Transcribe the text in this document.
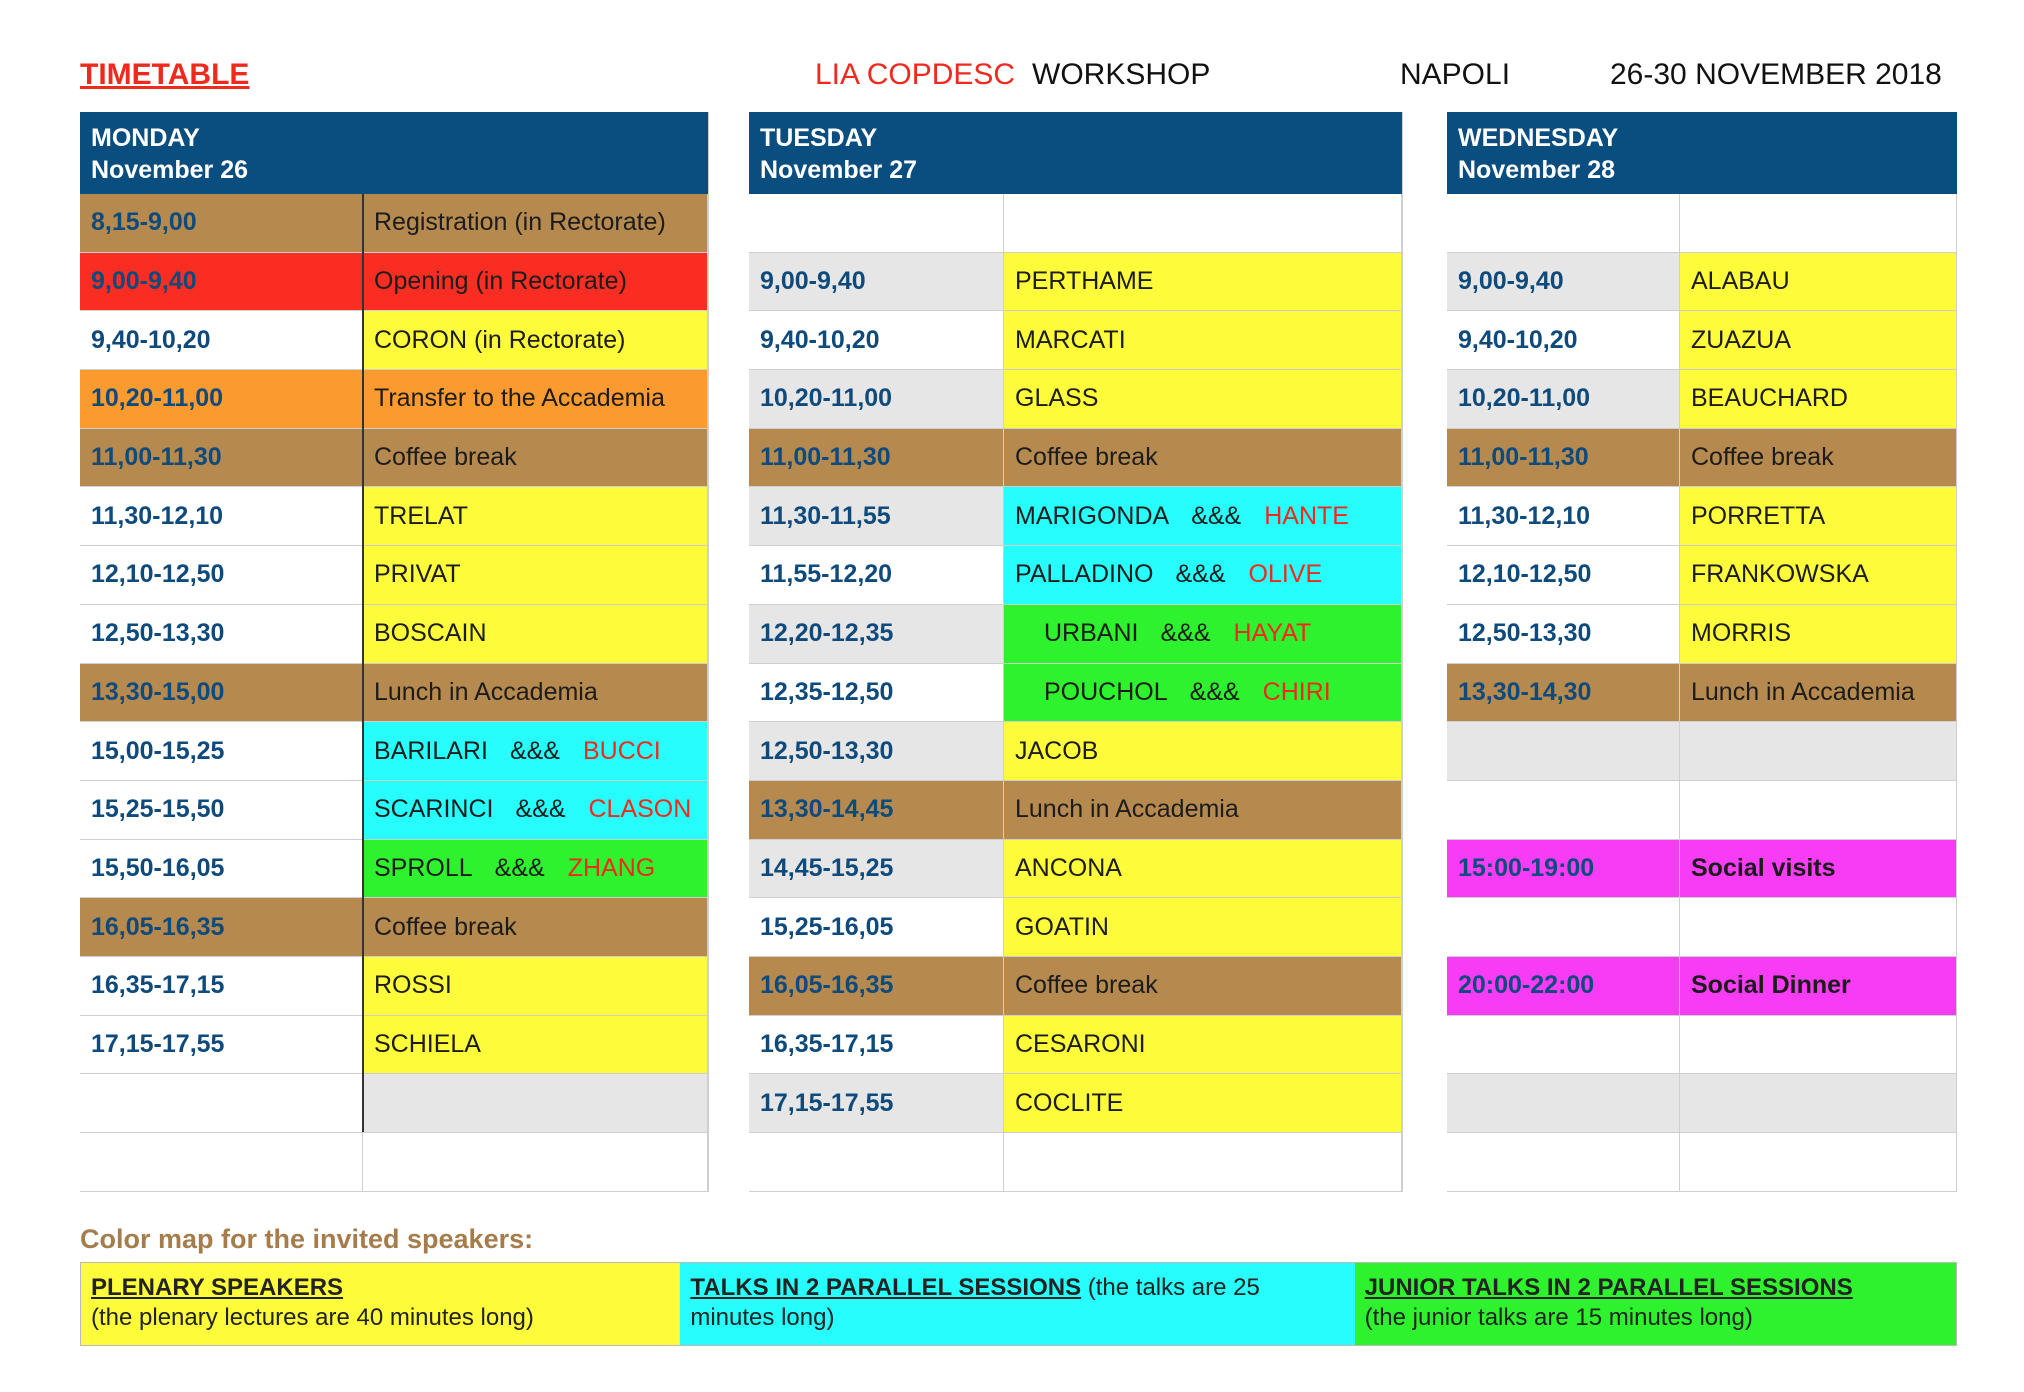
TIMETABLE	LIA COPDESC WORKSHOP	NAPOLI	26-30 NOVEMBER 2018
MONDAY
November 26
8,15-9,00	Registration (in Rectorate)
9,00-9,40	Opening (in Rectorate)
9,40-10,20	CORON (in Rectorate)
10,20-11,00	Transfer to the Accademia
11,00-11,30	Coffee break
11,30-12,10	TRELAT
12,10-12,50	PRIVAT
12,50-13,30	BOSCAIN
13,30-15,00	Lunch in Accademia
15,00-15,25	BARILARI &&& BUCCI
15,25-15,50	SCARINCI &&& CLASON
15,50-16,05	SPROLL &&& ZHANG
16,05-16,35	Coffee break
16,35-17,15	ROSSI
17,15-17,55	SCHIELA
TUESDAY
November 27
9,00-9,40	PERTHAME
9,40-10,20	MARCATI
10,20-11,00	GLASS
11,00-11,30	Coffee break
11,30-11,55	MARIGONDA &&& HANTE
11,55-12,20	PALLADINO &&& OLIVE
12,20-12,35	URBANI &&& HAYAT
12,35-12,50	POUCHOL &&& CHIRI
12,50-13,30	JACOB
13,30-14,45	Lunch in Accademia
14,45-15,25	ANCONA
15,25-16,05	GOATIN
16,05-16,35	Coffee break
16,35-17,15	CESARONI
17,15-17,55	COCLITE
WEDNESDAY
November 28
9,00-9,40	ALABAU
9,40-10,20	ZUAZUA
10,20-11,00	BEAUCHARD
11,00-11,30	Coffee break
11,30-12,10	PORRETTA
12,10-12,50	FRANKOWSKA
12,50-13,30	MORRIS
13,30-14,30	Lunch in Accademia
15:00-19:00	Social visits
20:00-22:00	Social Dinner
Color map for the invited speakers:
PLENARY SPEAKERS
(the plenary lectures are 40 minutes long)
TALKS IN 2 PARALLEL SESSIONS (the talks are 25 minutes long)
JUNIOR TALKS IN 2 PARALLEL SESSIONS
(the junior talks are 15 minutes long)
